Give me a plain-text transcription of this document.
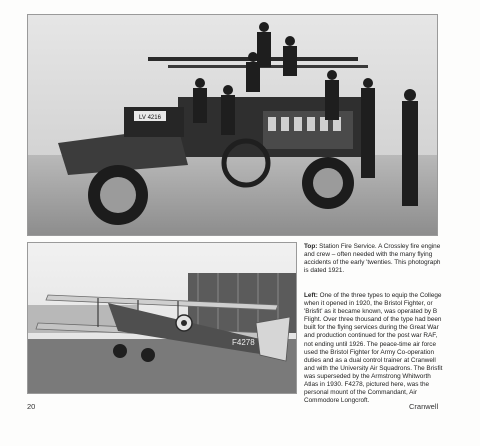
LV 4216
F4278
Top: Station Fire Service. A Crossley fire engine and crew – often needed with the many flying accidents of the early 'twenties. This photograph is dated 1921.
Left: One of the three types to equip the College when it opened in 1920, the Bristol Fighter, or 'Brisfit' as it became known, was operated by B Flight. Over three thousand of the type had been built for the flying services during the Great War and production continued for the post war RAF, not ending until 1926. The peace-time air force used the Bristol Fighter for Army Co-operation duties and as a dual control trainer at Cranwell and with the University Air Squadrons. The Brisfit was superseded by the Armstrong Whitworth Atlas in 1930. F4278, pictured here, was the personal mount of the Commandant, Air Commodore Longcroft.
20	Cranwell
